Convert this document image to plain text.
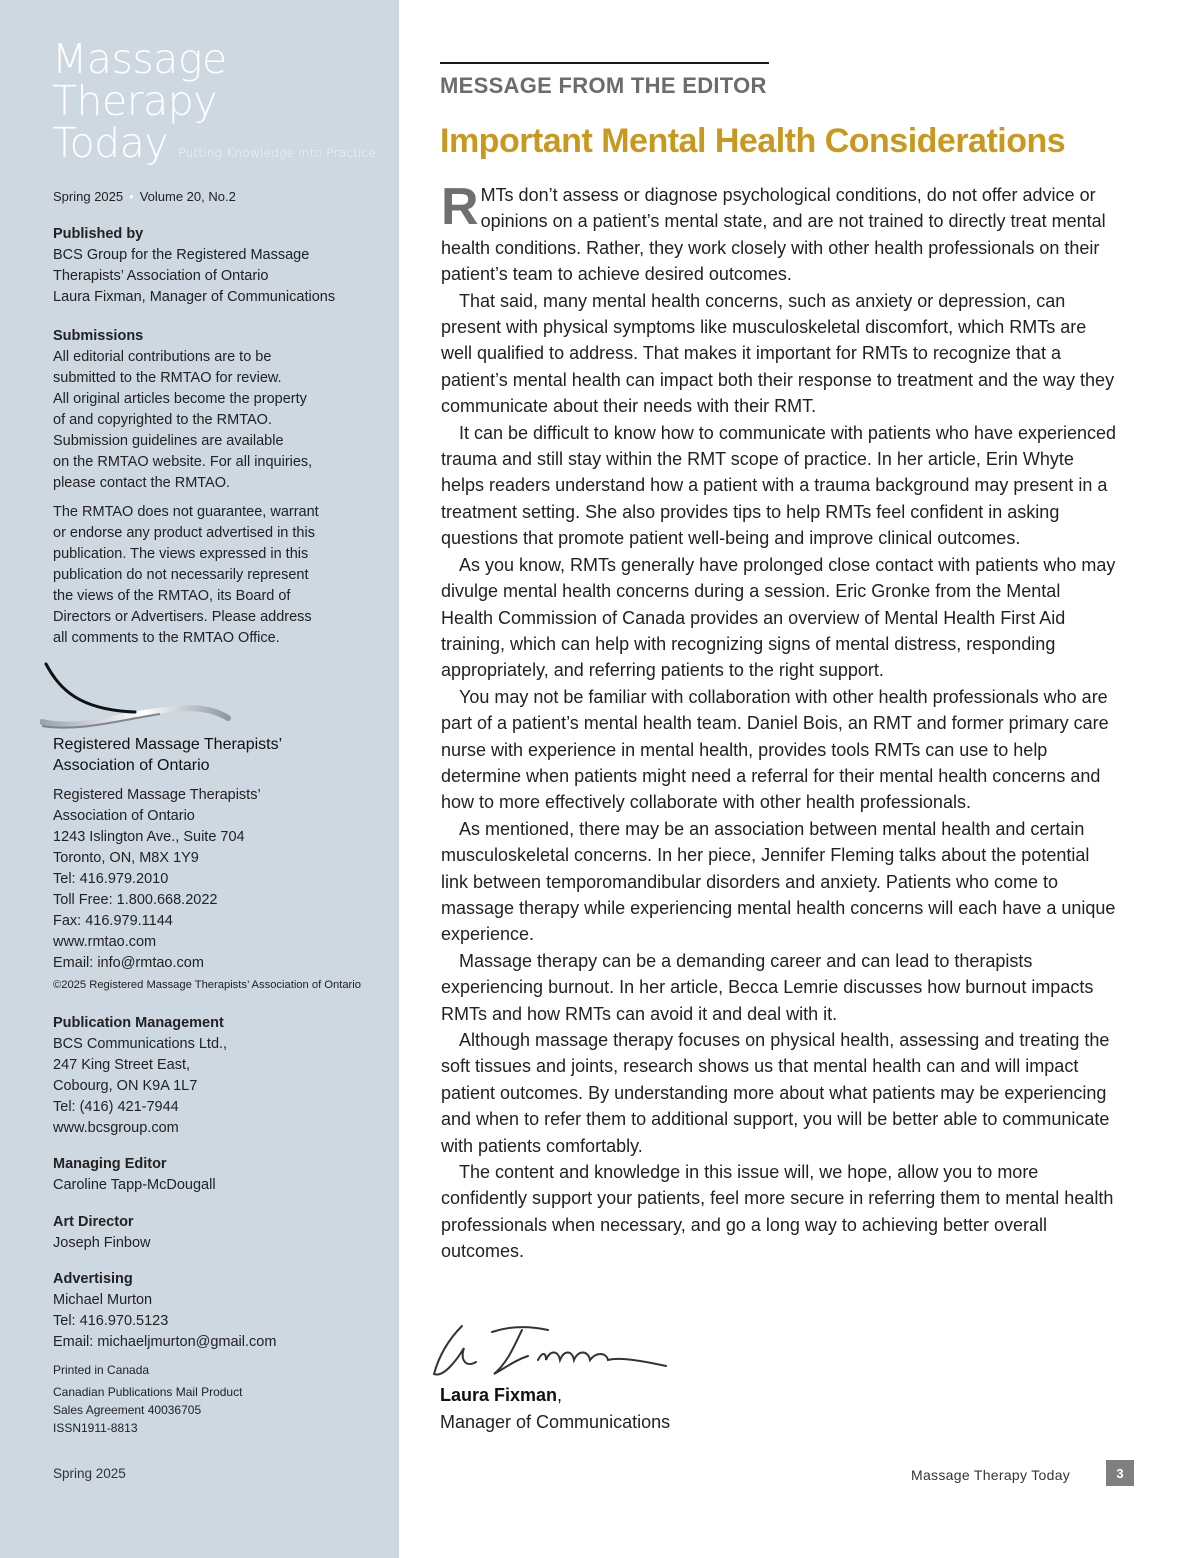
Massage
Therapy
Today Putting Knowledge into Practice
Spring 2025 • Volume 20, No.2
Published by

BCS Group for the Registered Massage

Therapists’ Association of Ontario

Laura Fixman, Manager of Communications

Submissions

All editorial contributions are to be

submitted to the RMTAO for review.

All original articles become the property

of and copyrighted to the RMTAO.

Submission guidelines are available

on the RMTAO website. For all inquiries,

please contact the RMTAO.

The RMTAO does not guarantee, warrant

or endorse any product advertised in this

publication. The views expressed in this

publication do not necessarily represent

the views of the RMTAO, its Board of

Directors or Advertisers. Please address

all comments to the RMTAO Office.

Registered Massage Therapists’
Association of Ontario

Registered Massage Therapists’

Association of Ontario

1243 Islington Ave., Suite 704

Toronto, ON, M8X 1Y9

Tel: 416.979.2010

Toll Free: 1.800.668.2022

Fax: 416.979.1144

www.rmtao.com

Email: info@rmtao.com

©2025 Registered Massage Therapists’ Association of Ontario
Publication Management

BCS Communications Ltd.,

247 King Street East,

Cobourg, ON K9A 1L7

Tel: (416) 421-7944

www.bcsgroup.com

Managing Editor

Caroline Tapp-McDougall

Art Director

Joseph Finbow

Advertising

Michael Murton

Tel: 416.970.5123

Email: michaeljmurton@gmail.com

Printed in Canada

Canadian Publications Mail Product

Sales Agreement 40036705

ISSN1911-8813

Spring 2025
MESSAGE FROM THE EDITOR
Important Mental Health Considerations

R MTs don’t assess or diagnose psychological conditions, do not offer advice or opinions on a patient’s mental state, and are not trained to directly treat mental health conditions. Rather, they work closely with other health professionals on their patient’s team to achieve desired outcomes.

That said, many mental health concerns, such as anxiety or depression, can present with physical symptoms like musculoskeletal discomfort, which RMTs are well qualified to address. That makes it important for RMTs to recognize that a patient’s mental health can impact both their response to treatment and the way they communicate about their needs with their RMT.

It can be difficult to know how to communicate with patients who have experienced trauma and still stay within the RMT scope of practice. In her article, Erin Whyte helps readers understand how a patient with a trauma background may present in a treatment setting. She also provides tips to help RMTs feel confident in asking questions that promote patient well-being and improve clinical outcomes.

As you know, RMTs generally have prolonged close contact with patients who may divulge mental health concerns during a session. Eric Gronke from the Mental Health Commission of Canada provides an overview of Mental Health First Aid training, which can help with recognizing signs of mental distress, responding appropriately, and referring patients to the right support.

You may not be familiar with collaboration with other health professionals who are part of a patient’s mental health team. Daniel Bois, an RMT and former primary care nurse with experience in mental health, provides tools RMTs can use to help determine when patients might need a referral for their mental health concerns and how to more effectively collaborate with other health professionals.

As mentioned, there may be an association between mental health and certain musculoskeletal concerns. In her piece, Jennifer Fleming talks about the potential link between temporomandibular disorders and anxiety. Patients who come to massage therapy while experiencing mental health concerns will each have a unique experience.

Massage therapy can be a demanding career and can lead to therapists experiencing burnout. In her article, Becca Lemrie discusses how burnout impacts RMTs and how RMTs can avoid it and deal with it.

Although massage therapy focuses on physical health, assessing and treating the soft tissues and joints, research shows us that mental health can and will impact patient outcomes. By understanding more about what patients may be experiencing and when to refer them to additional support, you will be better able to communicate with patients comfortably.

The content and knowledge in this issue will, we hope, allow you to more confidently support your patients, feel more secure in referring them to mental health professionals when necessary, and go a long way to achieving better overall outcomes.

Laura Fixman,
Manager of Communications
Massage Therapy Today	3
